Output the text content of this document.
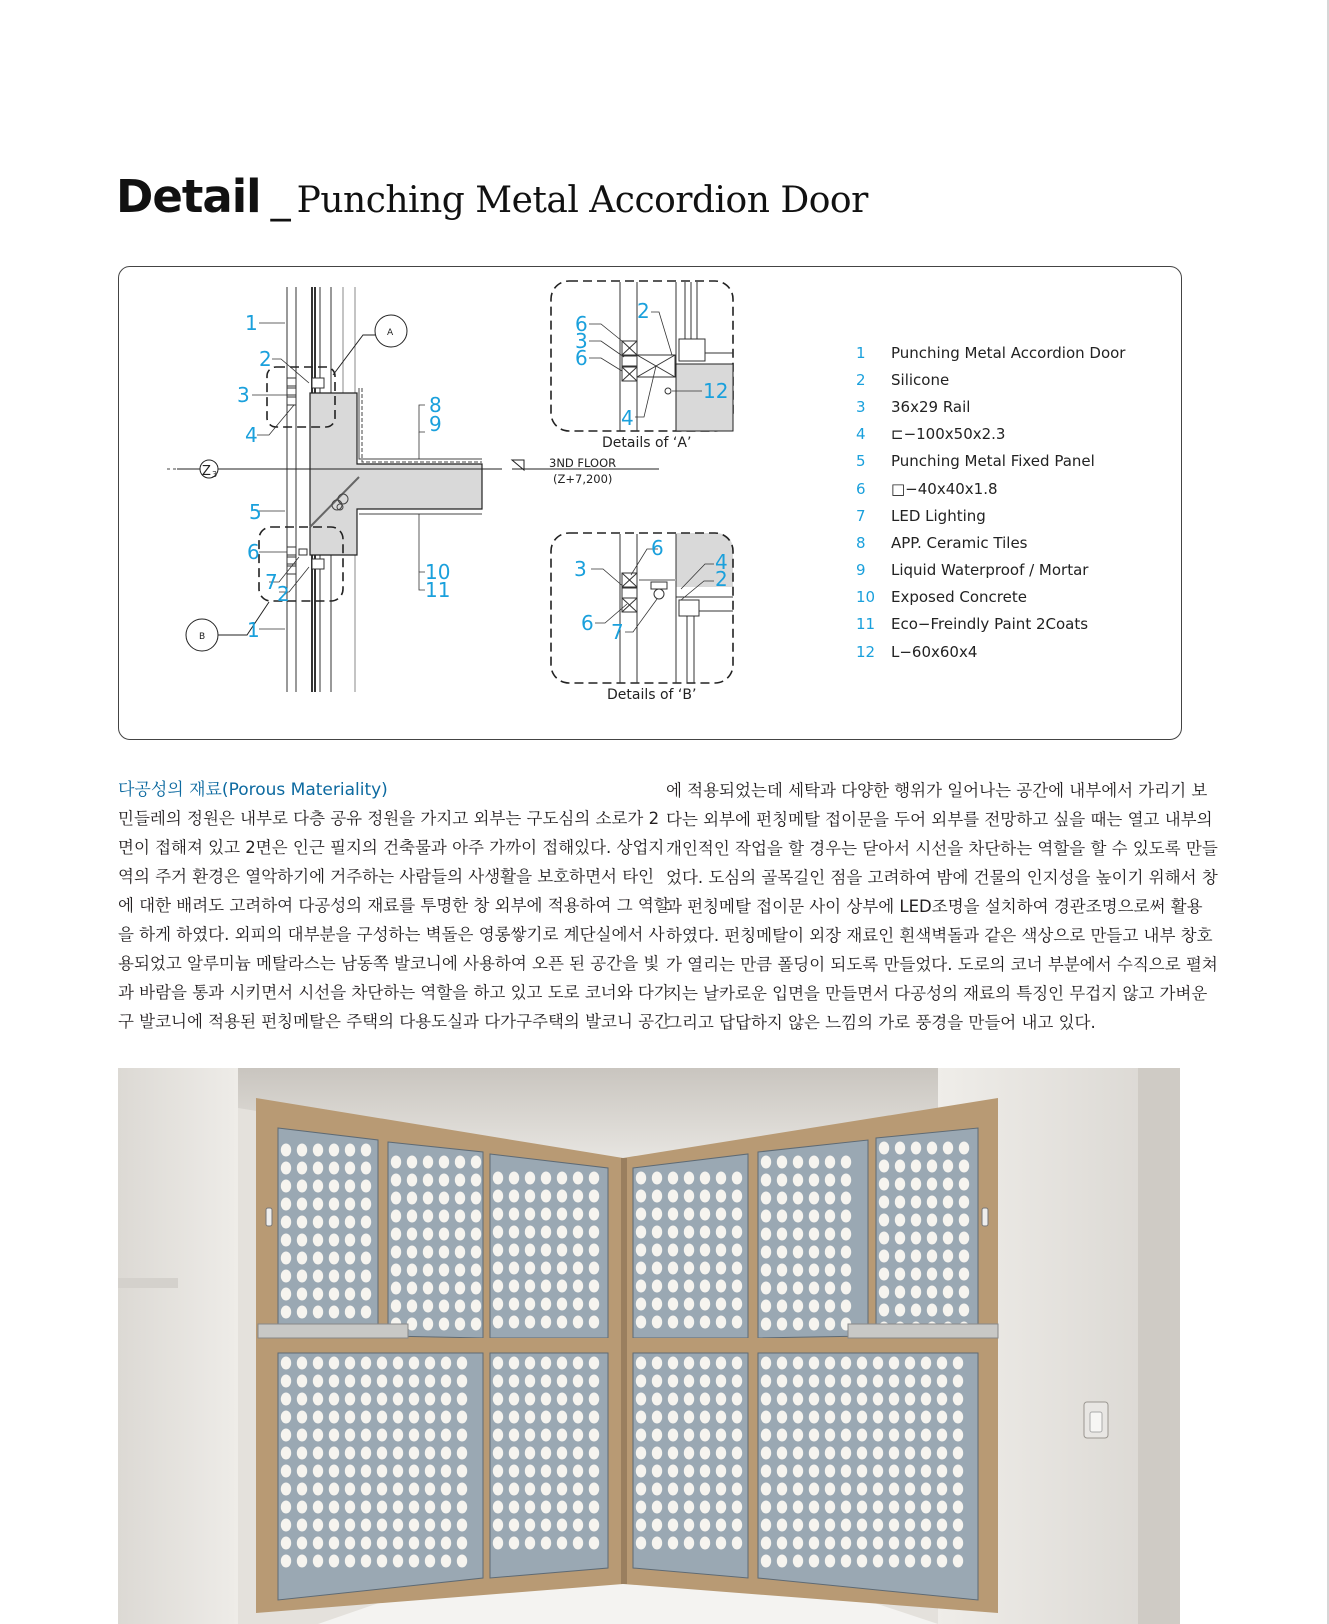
Detail _ Punching Metal Accordion Door
Z 3
A
B
1
2
3
4
5
6
7 2
1
8
9
10
11
3ND FLOOR
(Z+7,200)
6
3
6
2
4
12
Details of ‘A’
3
6
4
2
6
7
Details of ‘B’
1	Punching Metal Accordion Door
2	Silicone
3	36x29 Rail
4	⊏−100x50x2.3
5	Punching Metal Fixed Panel
6	□−40x40x1.8
7	LED Lighting
8	APP. Ceramic Tiles
9	Liquid Waterproof / Mortar
10	Exposed Concrete
11	Eco−Freindly Paint 2Coats
12	L−60x60x4
다공성의 재료(Porous Materiality)

민들레의 정원은 내부로 다층 공유 정원을 가지고 외부는 구도심의 소로가 2
면이 접해져 있고 2면은 인근 필지의 건축물과 아주 가까이 접해있다. 상업지
역의 주거 환경은 열악하기에 거주하는 사람들의 사생활을 보호하면서 타인
에 대한 배려도 고려하여 다공성의 재료를 투명한 창 외부에 적용하여 그 역할
을 하게 하였다. 외피의 대부분을 구성하는 벽돌은 영롱쌓기로 계단실에서 사
용되었고 알루미늄 메탈라스는 남동쪽 발코니에 사용하여 오픈 된 공간을 빛
과 바람을 통과 시키면서 시선을 차단하는 역할을 하고 있고 도로 코너와 다가
구 발코니에 적용된 펀칭메탈은 주택의 다용도실과 다가구주택의 발코니 공간

에 적용되었는데 세탁과 다양한 행위가 일어나는 공간에 내부에서 가리기 보
다는 외부에 펀칭메탈 접이문을 두어 외부를 전망하고 싶을 때는 열고 내부의
개인적인 작업을 할 경우는 닫아서 시선을 차단하는 역할을 할 수 있도록 만들
었다. 도심의 골목길인 점을 고려하여 밤에 건물의 인지성을 높이기 위해서 창
과 펀칭메탈 접이문 사이 상부에 LED조명을 설치하여 경관조명으로써 활용
하였다. 펀칭메탈이 외장 재료인 흰색벽돌과 같은 색상으로 만들고 내부 창호
가 열리는 만큼 폴딩이 되도록 만들었다. 도로의 코너 부분에서 수직으로 펼쳐
지는 날카로운 입면을 만들면서 다공성의 재료의 특징인 무겁지 않고 가벼운
그리고 답답하지 않은 느낌의 가로 풍경을 만들어 내고 있다.
